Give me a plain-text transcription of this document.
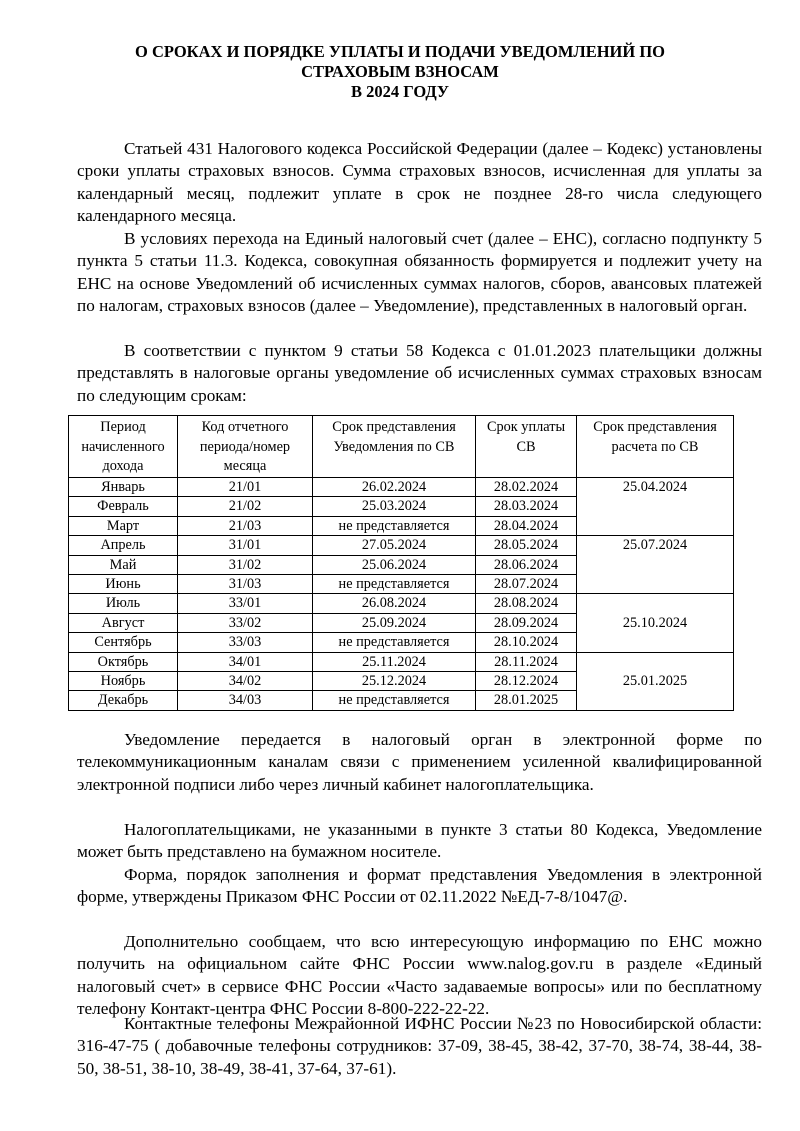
О СРОКАХ И ПОРЯДКЕ УПЛАТЫ И ПОДАЧИ УВЕДОМЛЕНИЙ ПО
СТРАХОВЫМ ВЗНОСАМ
В 2024 ГОДУ

Статьей 431 Налогового кодекса Российской Федерации (далее – Кодекс) установлены сроки уплаты страховых взносов. Сумма страховых взносов, исчисленная для уплаты за календарный месяц, подлежит уплате в срок не позднее 28-го числа следующего календарного месяца.

В условиях перехода на Единый налоговый счет (далее – ЕНС), согласно подпункту 5 пункта 5 статьи 11.3. Кодекса, совокупная обязанность формируется и подлежит учету на ЕНС на основе Уведомлений об исчисленных суммах налогов, сборов, авансовых платежей по налогам, страховых взносов (далее – Уведомление), представленных в налоговый орган.

В соответствии с пунктом 9 статьи 58 Кодекса с 01.01.2023 плательщики должны представлять в налоговые органы уведомление об исчисленных суммах страховых взносам по следующим срокам:

Период начисленного дохода	Код отчетного периода/номер месяца	Срок представления Уведомления по СВ	Срок уплаты СВ	Срок представления расчета по СВ
Январь	21/01	26.02.2024	28.02.2024	25.04.2024
Февраль	21/02	25.03.2024	28.03.2024	
Март	21/03	не представляется	28.04.2024	
Апрель	31/01	27.05.2024	28.05.2024	25.07.2024
Май	31/02	25.06.2024	28.06.2024	
Июнь	31/03	не представляется	28.07.2024	
Июль	33/01	26.08.2024	28.08.2024	25.10.2024
Август	33/02	25.09.2024	28.09.2024	
Сентябрь	33/03	не представляется	28.10.2024	
Октябрь	34/01	25.11.2024	28.11.2024	25.01.2025
Ноябрь	34/02	25.12.2024	28.12.2024	
Декабрь	34/03	не представляется	28.01.2025	

Уведомление передается в налоговый орган в электронной форме по телекоммуникационным каналам связи с применением усиленной квалифицированной электронной подписи либо через личный кабинет налогоплательщика.

Налогоплательщиками, не указанными в пункте 3 статьи 80 Кодекса, Уведомление может быть представлено на бумажном носителе.

Форма, порядок заполнения и формат представления Уведомления в электронной форме, утверждены Приказом ФНС России от 02.11.2022 №ЕД-7-8/1047@.

Дополнительно сообщаем, что всю интересующую информацию по ЕНС можно получить на официальном сайте ФНС России www.nalog.gov.ru в разделе «Единый налоговый счет» в сервисе ФНС России «Часто задаваемые вопросы» или по бесплатному телефону Контакт-центра ФНС России 8-800-222-22-22.

Контактные телефоны Межрайонной ИФНС России №23 по Новосибирской области: 316-47-75 ( добавочные телефоны сотрудников: 37-09, 38-45, 38-42, 37-70, 38-74, 38-44, 38-50, 38-51, 38-10, 38-49, 38-41, 37-64, 37-61).
